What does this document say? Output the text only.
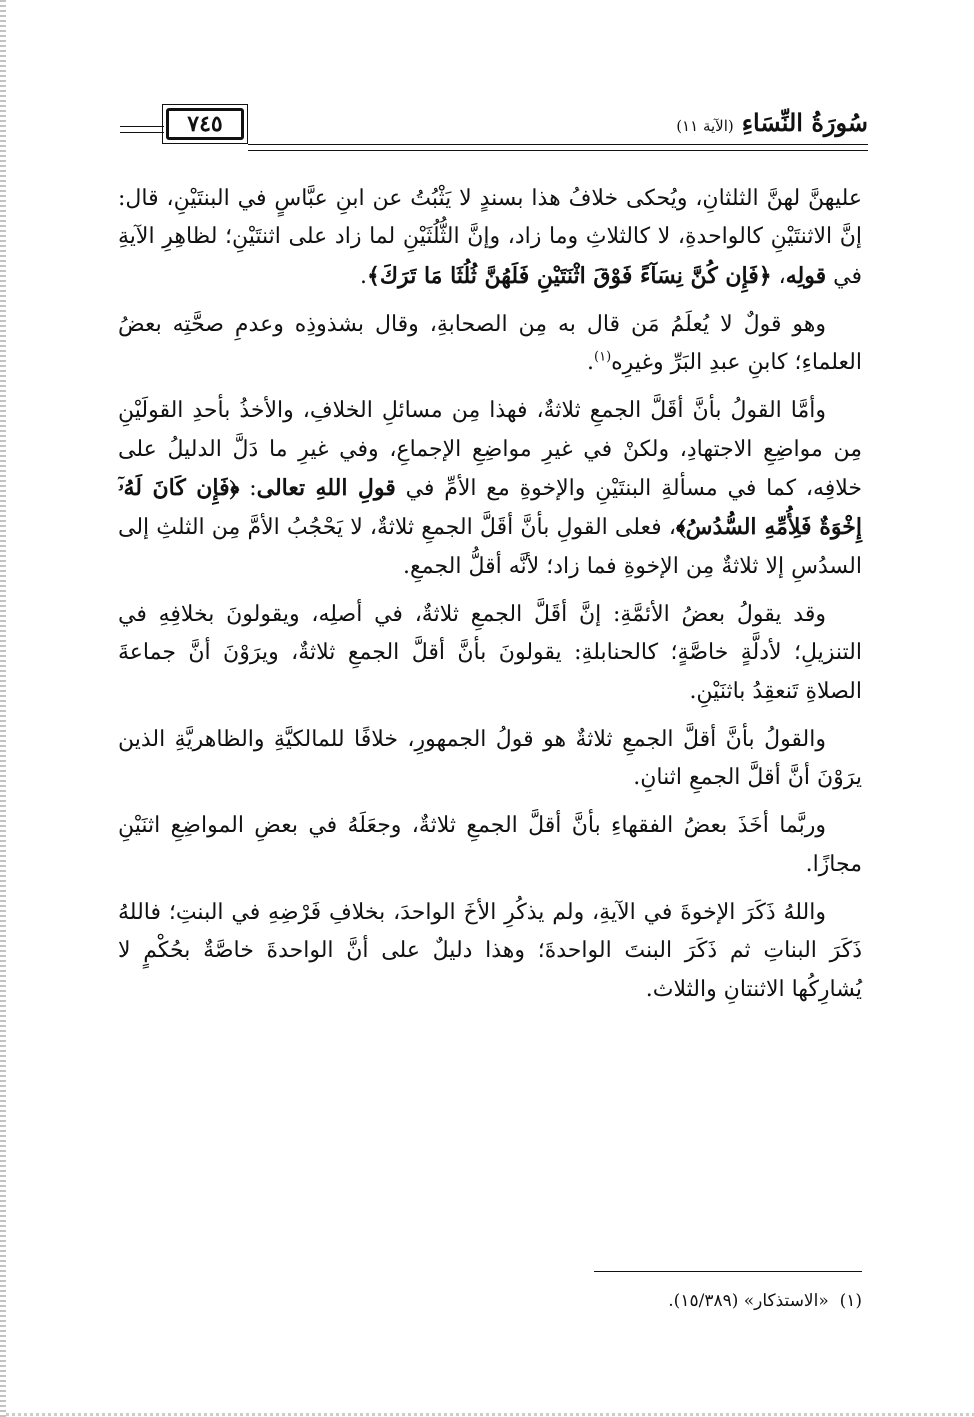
٧٤٥	سُورَةُ النِّسَاءِ
(الآية ١١)

عليهنَّ لهنَّ الثلثانِ، ويُحكى خلافُ هذا بسندٍ لا يَثْبُتُ عن ابنِ عبَّاسٍ في البنتَيْنِ، قال: إنَّ الاثنتَيْنِ كالواحدةِ، لا كالثلاثِ وما زاد، وإنَّ الثُّلُثَيْنِ لما زاد على اثنتَيْنِ؛ لظاهِرِ الآيةِ في قولِه، ﴿فَإِن كُنَّ نِسَآءً فَوْقَ اثْنَتَيْنِ فَلَهُنَّ ثُلُثَا مَا تَرَكَ﴾.

وهو قولٌ لا يُعلَمُ مَن قال به مِن الصحابةِ، وقال بشذوذِه وعدمِ صحَّتِه بعضُ العلماءِ؛ كابنِ عبدِ البَرِّ وغيرِه$^{(١)}$.

وأمَّا القولُ بأنَّ أقَلَّ الجمعِ ثلاثةٌ، فهذا مِن مسائلِ الخلافِ، والأخذُ بأحدِ القولَيْنِ مِن مواضِعِ الاجتهادِ، ولكنْ في غيرِ مواضِعِ الإجماعِ، وفي غيرِ ما دَلَّ الدليلُ على خلافِه، كما في مسألةِ البنتَيْنِ والإخوةِ مع الأمِّ في قولِ اللهِ تعالى: ﴿فَإِن كَانَ لَهُۥٓ إِخْوَةٌ فَلِأُمِّهِ السُّدُسُ﴾، فعلى القولِ بأنَّ أقَلَّ الجمعِ ثلاثةٌ، لا يَحْجُبُ الأمَّ مِن الثلثِ إلى السدُسِ إلا ثلاثةٌ مِن الإخوةِ فما زاد؛ لأنَّه أقلُّ الجمعِ.

وقد يقولُ بعضُ الأئمَّةِ: إنَّ أقَلَّ الجمعِ ثلاثةٌ، في أصلِه، ويقولونَ بخلافِهِ في التنزيلِ؛ لأدلَّةٍ خاصَّةٍ؛ كالحنابلةِ: يقولونَ بأنَّ أقلَّ الجمعِ ثلاثةٌ، ويرَوْنَ أنَّ جماعةَ الصلاةِ تَنعقِدُ باثنَيْنِ.

والقولُ بأنَّ أقلَّ الجمعِ ثلاثةٌ هو قولُ الجمهورِ، خلافًا للمالكيَّةِ والظاهريَّةِ الذين يرَوْنَ أنَّ أقلَّ الجمعِ اثنانِ.

وربَّما أخَذَ بعضُ الفقهاءِ بأنَّ أقلَّ الجمعِ ثلاثةٌ، وجعَلَهُ في بعضِ المواضِعِ اثنَيْنِ مجازًا.

واللهُ ذَكَرَ الإخوةَ في الآيةِ، ولم يذكُرِ الأخَ الواحدَ، بخلافِ فَرْضِهِ في البنتِ؛ فاللهُ ذَكَرَ البناتِ ثم ذَكَرَ البنتَ الواحدةَ؛ وهذا دليلٌ على أنَّ الواحدةَ خاصَّةٌ بحُكْمٍ لا يُشارِكُها الاثنتانِ والثلاث.

(١)  «الاستذكار» (١٥/٣٨٩).
